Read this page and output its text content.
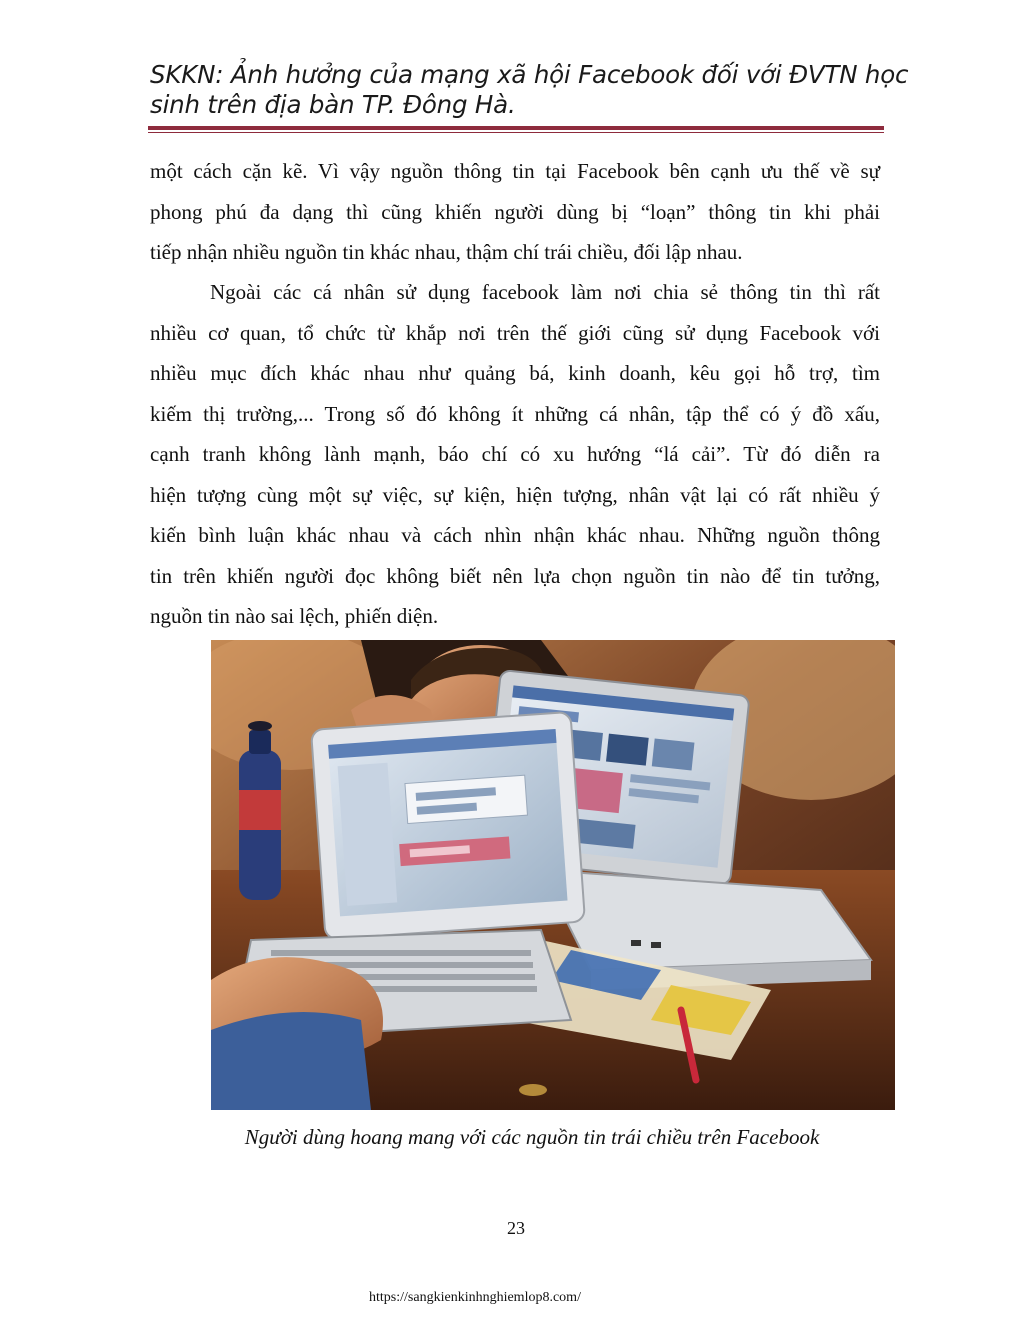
SKKN: Ảnh hưởng của mạng xã hội Facebook đối với ĐVTN học
sinh trên địa bàn TP. Đông Hà.
một cách cặn kẽ. Vì vậy nguồn thông tin tại Facebook bên cạnh ưu thế về sự
phong phú đa dạng thì cũng khiến người dùng bị “loạn” thông tin khi phải
tiếp nhận nhiều nguồn tin khác nhau, thậm chí trái chiều, đối lập nhau.
Ngoài các cá nhân sử dụng facebook làm nơi chia sẻ thông tin thì rất
nhiều cơ quan, tổ chức từ khắp nơi trên thế giới cũng sử dụng Facebook với
nhiều mục đích khác nhau như quảng bá, kinh doanh, kêu gọi hỗ trợ, tìm
kiếm thị trường,... Trong số đó không ít những cá nhân, tập thể có ý đồ xấu,
cạnh tranh không lành mạnh, báo chí có xu hướng “lá cải”. Từ đó diễn ra
hiện tượng cùng một sự việc, sự kiện, hiện tượng, nhân vật lại có rất nhiều ý
kiến bình luận khác nhau và cách nhìn nhận khác nhau. Những nguồn thông
tin trên khiến người đọc không biết nên lựa chọn nguồn tin nào để tin tưởng,
nguồn tin nào sai lệch, phiến diện.
Người dùng hoang mang với các nguồn tin trái chiều trên Facebook
23
https://sangkienkinhnghiemlop8.com/
